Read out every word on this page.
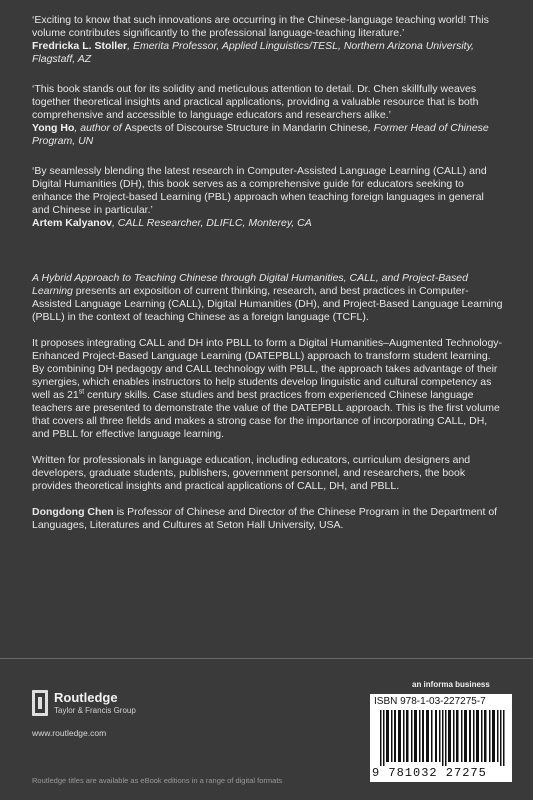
‘Exciting to know that such innovations are occurring in the Chinese-language teaching world! This volume contributes significantly to the professional language-teaching literature.’

Fredricka L. Stoller, Emerita Professor, Applied Linguistics/TESL, Northern Arizona University, Flagstaff, AZ

‘This book stands out for its solidity and meticulous attention to detail. Dr. Chen skillfully weaves together theoretical insights and practical applications, providing a valuable resource that is both comprehensive and accessible to language educators and researchers alike.’

Yong Ho, author of Aspects of Discourse Structure in Mandarin Chinese, Former Head of Chinese Program, UN

‘By seamlessly blending the latest research in Computer-Assisted Language Learning (CALL) and Digital Humanities (DH), this book serves as a comprehensive guide for educators seeking to enhance the Project-based Learning (PBL) approach when teaching foreign languages in general and Chinese in particular.’

Artem Kalyanov, CALL Researcher, DLIFLC, Monterey, CA

A Hybrid Approach to Teaching Chinese through Digital Humanities, CALL, and Project-Based Learning presents an exposition of current thinking, research, and best practices in Computer-Assisted Language Learning (CALL), Digital Humanities (DH), and Project-Based Language Learning (PBLL) in the context of teaching Chinese as a foreign language (TCFL).

It proposes integrating CALL and DH into PBLL to form a Digital Humanities–Augmented Technology-Enhanced Project-Based Language Learning (DATEPBLL) approach to transform student learning. By combining DH pedagogy and CALL technology with PBLL, the approach takes advantage of their synergies, which enables instructors to help students develop linguistic and cultural competency as well as 21st century skills. Case studies and best practices from experienced Chinese language teachers are presented to demonstrate the value of the DATEPBLL approach. This is the first volume that covers all three fields and makes a strong case for the importance of incorporating CALL, DH, and PBLL for effective language learning.

Written for professionals in language education, including educators, curriculum designers and developers, graduate students, publishers, government personnel, and researchers, the book provides theoretical insights and practical applications of CALL, DH, and PBLL.

Dongdong Chen is Professor of Chinese and Director of the Chinese Program in the Department of Languages, Literatures and Cultures at Seton Hall University, USA.

Routledge
Taylor & Francis Group
www.routledge.com
Routledge titles are available as eBook editions in a range of digital formats
an informa business
ISBN 978-1-03-227275-7
9 781032 27275
